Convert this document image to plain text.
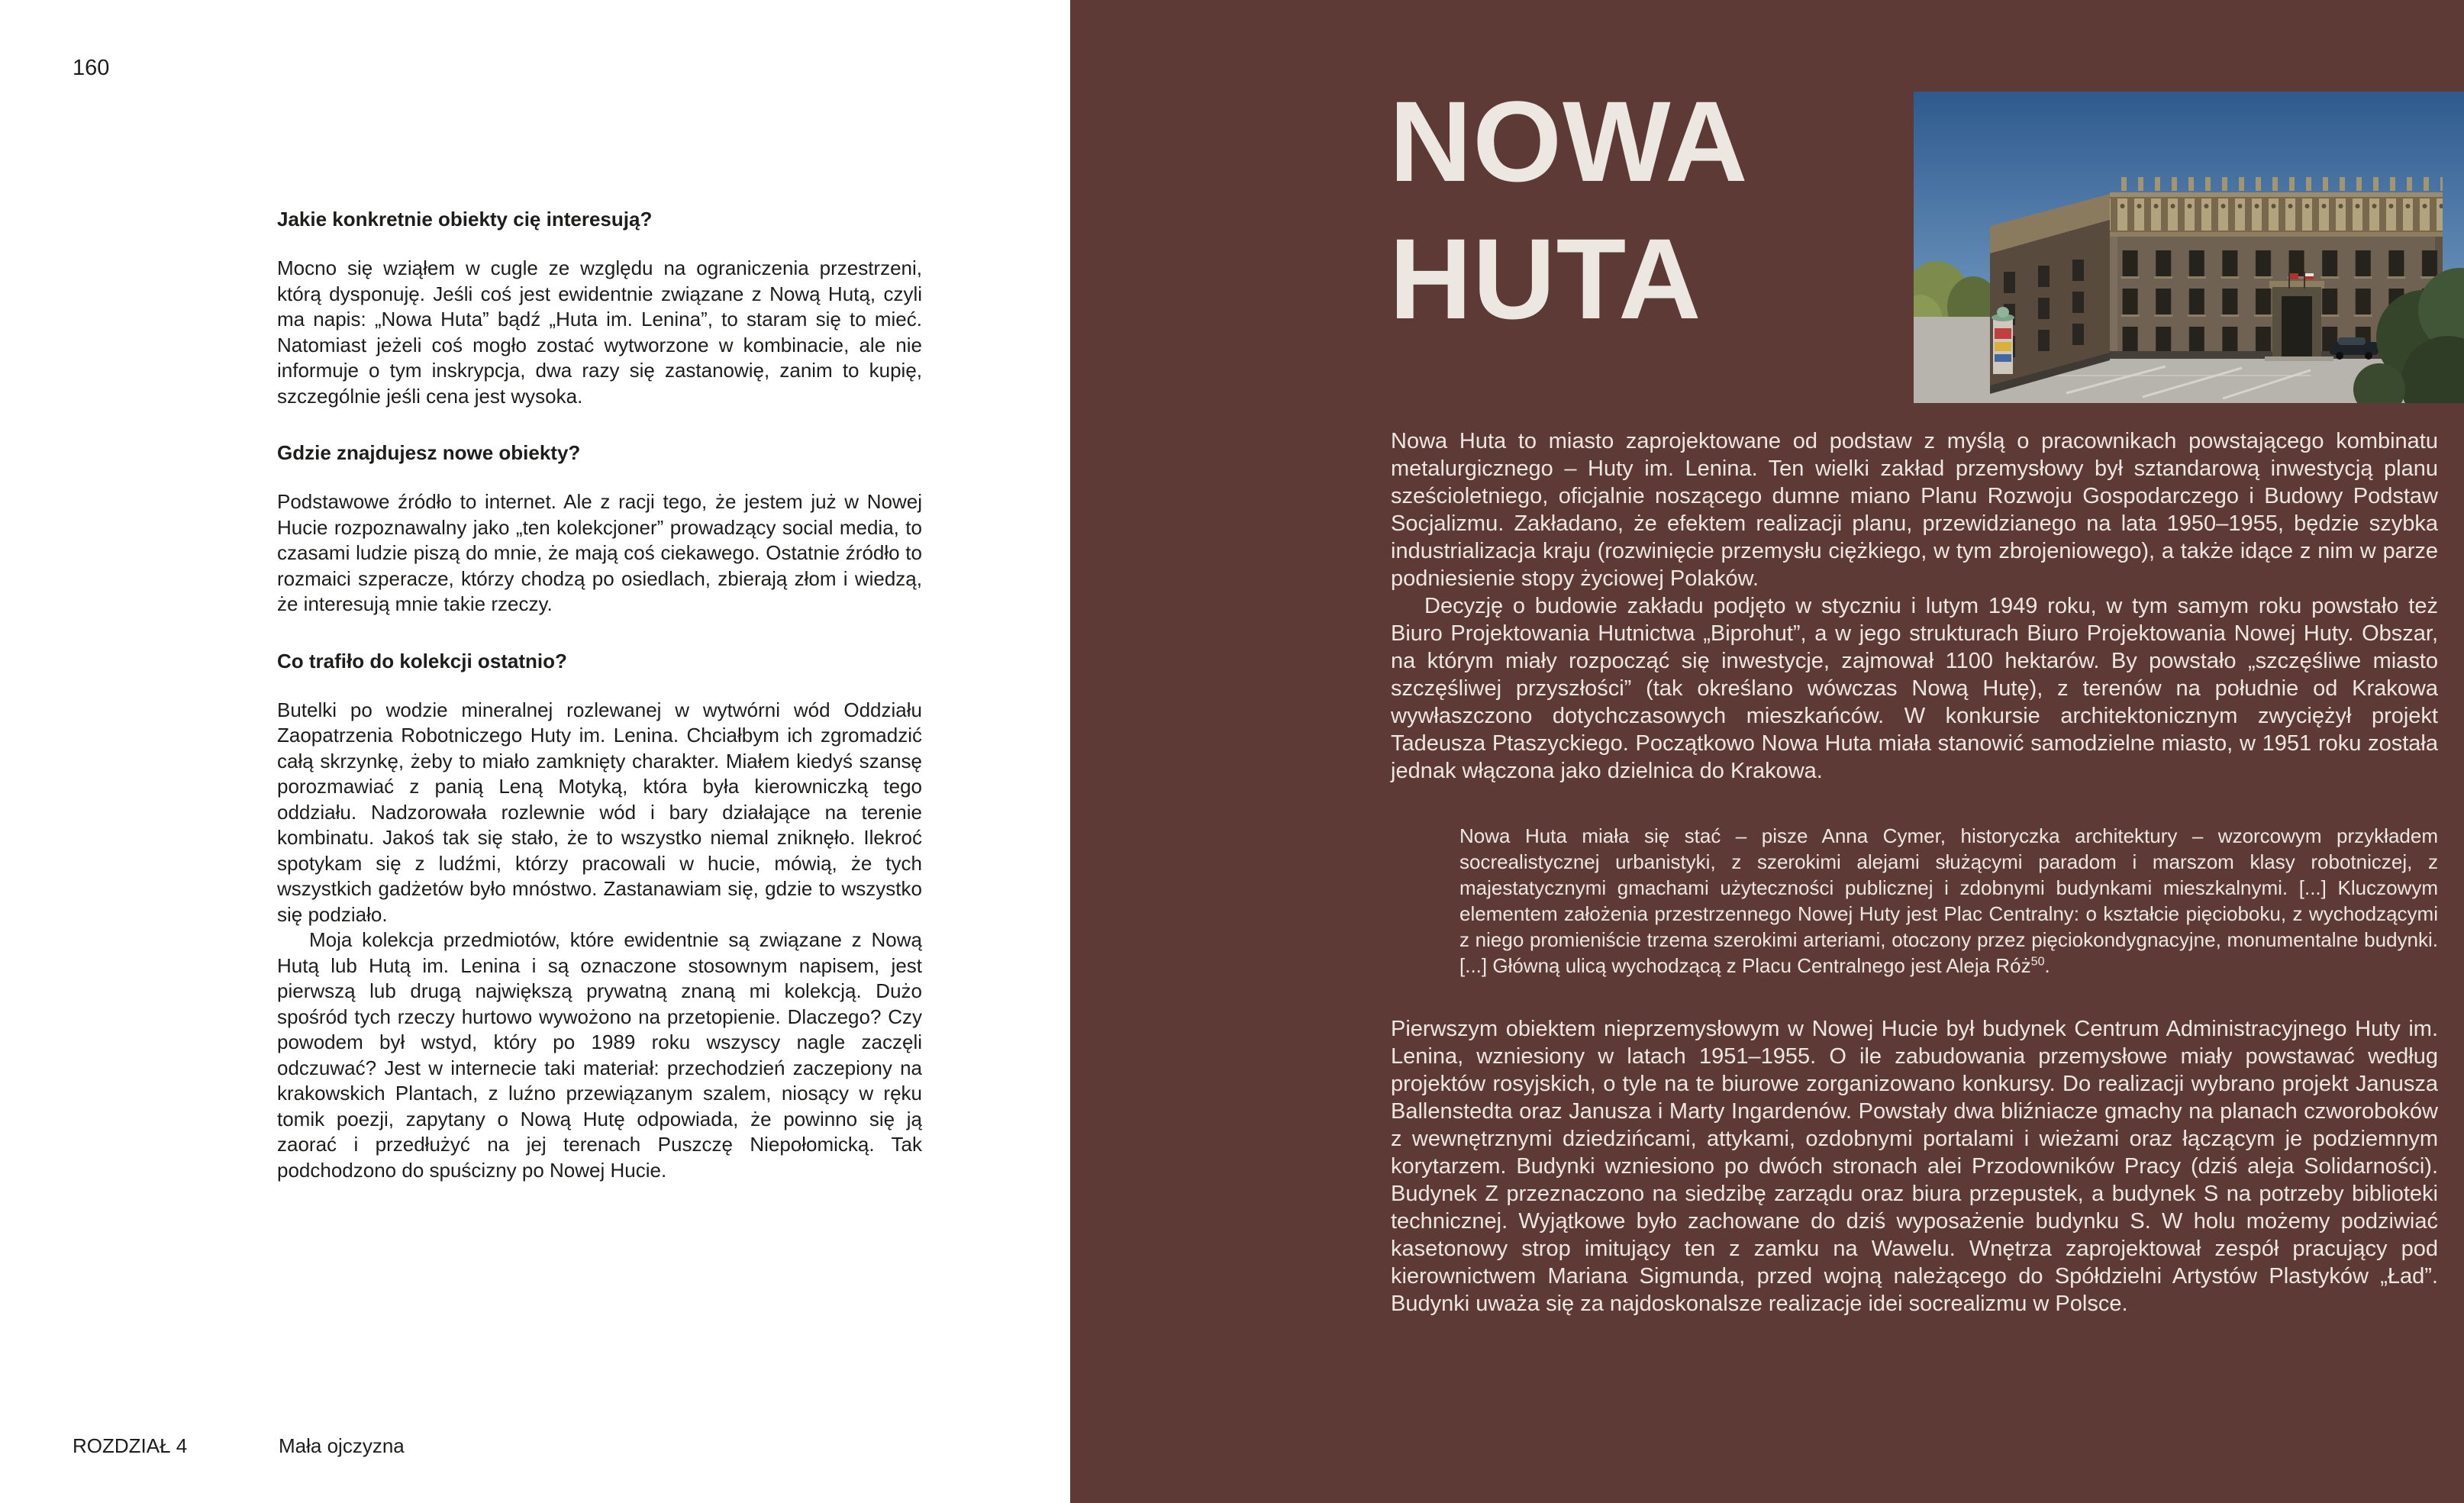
160
Jakie konkretnie obiekty cię interesują?

Mocno się wziąłem w cugle ze względu na ograniczenia przestrzeni, którą dysponuję. Jeśli coś jest ewidentnie związane z Nową Hutą, czyli ma napis: „Nowa Huta” bądź „Huta im. Lenina”, to staram się to mieć. Natomiast jeżeli coś mogło zostać wytworzone w kombinacie, ale nie informuje o tym inskrypcja, dwa razy się zastanowię, zanim to kupię, szczególnie jeśli cena jest wysoka.

Gdzie znajdujesz nowe obiekty?

Podstawowe źródło to internet. Ale z racji tego, że jestem już w Nowej Hucie rozpoznawalny jako „ten kolekcjoner” prowadzący social media, to czasami ludzie piszą do mnie, że mają coś ciekawego. Ostatnie źródło to rozmaici szperacze, którzy chodzą po osiedlach, zbierają złom i wiedzą, że interesują mnie takie rzeczy.

Co trafiło do kolekcji ostatnio?

Butelki po wodzie mineralnej rozlewanej w wytwórni wód Oddziału Zaopatrzenia Robotniczego Huty im. Lenina. Chciałbym ich zgromadzić całą skrzynkę, żeby to miało zamknięty charakter. Miałem kiedyś szansę porozmawiać z panią Leną Motyką, która była kierowniczką tego oddziału. Nadzorowała rozlewnie wód i bary działające na terenie kombinatu. Jakoś tak się stało, że to wszystko niemal zniknęło. Ilekroć spotykam się z ludźmi, którzy pracowali w hucie, mówią, że tych wszystkich gadżetów było mnóstwo. Zastanawiam się, gdzie to wszystko się podziało.

Moja kolekcja przedmiotów, które ewidentnie są związane z Nową Hutą lub Hutą im. Lenina i są oznaczone stosownym napisem, jest pierwszą lub drugą największą prywatną znaną mi kolekcją. Dużo spośród tych rzeczy hurtowo wywożono na przetopienie. Dlaczego? Czy powodem był wstyd, który po 1989 roku wszyscy nagle zaczęli odczuwać? Jest w internecie taki materiał: przechodzień zaczepiony na krakowskich Plantach, z luźno przewiązanym szalem, niosący w ręku tomik poezji, zapytany o Nową Hutę odpowiada, że powinno się ją zaorać i przedłużyć na jej terenach Puszczę Niepołomicką. Tak podchodzono do spuścizny po Nowej Hucie.

ROZDZIAŁ 4	Mała ojczyzna
NOWA
HUTA

Nowa Huta to miasto zaprojektowane od podstaw z myślą o pracownikach powstającego kombinatu metalurgicznego – Huty im. Lenina. Ten wielki zakład przemysłowy był sztandarową inwestycją planu sześcioletniego, oficjalnie noszącego dumne miano Planu Rozwoju Gospodarczego i Budowy Podstaw Socjalizmu. Zakładano, że efektem realizacji planu, przewidzianego na lata 1950–1955, będzie szybka industrializacja kraju (rozwinięcie przemysłu ciężkiego, w tym zbrojeniowego), a także idące z nim w parze podniesienie stopy życiowej Polaków.

Decyzję o budowie zakładu podjęto w styczniu i lutym 1949 roku, w tym samym roku powstało też Biuro Projektowania Hutnictwa „Biprohut”, a w jego strukturach Biuro Projektowania Nowej Huty. Obszar, na którym miały rozpocząć się inwestycje, zajmował 1100 hektarów. By powstało „szczęśliwe miasto szczęśliwej przyszłości” (tak określano wówczas Nową Hutę), z terenów na południe od Krakowa wywłaszczono dotychczasowych mieszkańców. W konkursie architektonicznym zwyciężył projekt Tadeusza Ptaszyckiego. Początkowo Nowa Huta miała stanowić samodzielne miasto, w 1951 roku została jednak włączona jako dzielnica do Krakowa.

Nowa Huta miała się stać – pisze Anna Cymer, historyczka architektury – wzorcowym przykładem socrealistycznej urbanistyki, z szerokimi alejami służącymi paradom i marszom klasy robotniczej, z majestatycznymi gmachami użyteczności publicznej i zdobnymi budynkami mieszkalnymi. [...] Kluczowym elementem założenia przestrzennego Nowej Huty jest Plac Centralny: o kształcie pięcioboku, z wychodzącymi z niego promieniście trzema szerokimi arteriami, otoczony przez pięciokondygnacyjne, monumentalne budynki. [...] Główną ulicą wychodzącą z Placu Centralnego jest Aleja Róż$^{50}$.

Pierwszym obiektem nieprzemysłowym w Nowej Hucie był budynek Centrum Administracyjnego Huty im. Lenina, wzniesiony w latach 1951–1955. O ile zabudowania przemysłowe miały powstawać według projektów rosyjskich, o tyle na te biurowe zorganizowano konkursy. Do realizacji wybrano projekt Janusza Ballenstedta oraz Janusza i Marty Ingardenów. Powstały dwa bliźniacze gmachy na planach czworoboków z wewnętrznymi dziedzińcami, attykami, ozdobnymi portalami i wieżami oraz łączącym je podziemnym korytarzem. Budynki wzniesiono po dwóch stronach alei Przodowników Pracy (dziś aleja Solidarności). Budynek Z przeznaczono na siedzibę zarządu oraz biura przepustek, a budynek S na potrzeby biblioteki technicznej. Wyjątkowe było zachowane do dziś wyposażenie budynku S. W holu możemy podziwiać kasetonowy strop imitujący ten z zamku na Wawelu. Wnętrza zaprojektował zespół pracujący pod kierownictwem Mariana Sigmunda, przed wojną należącego do Spółdzielni Artystów Plastyków „Ład”. Budynki uważa się za najdoskonalsze realizacje idei socrealizmu w Polsce.
